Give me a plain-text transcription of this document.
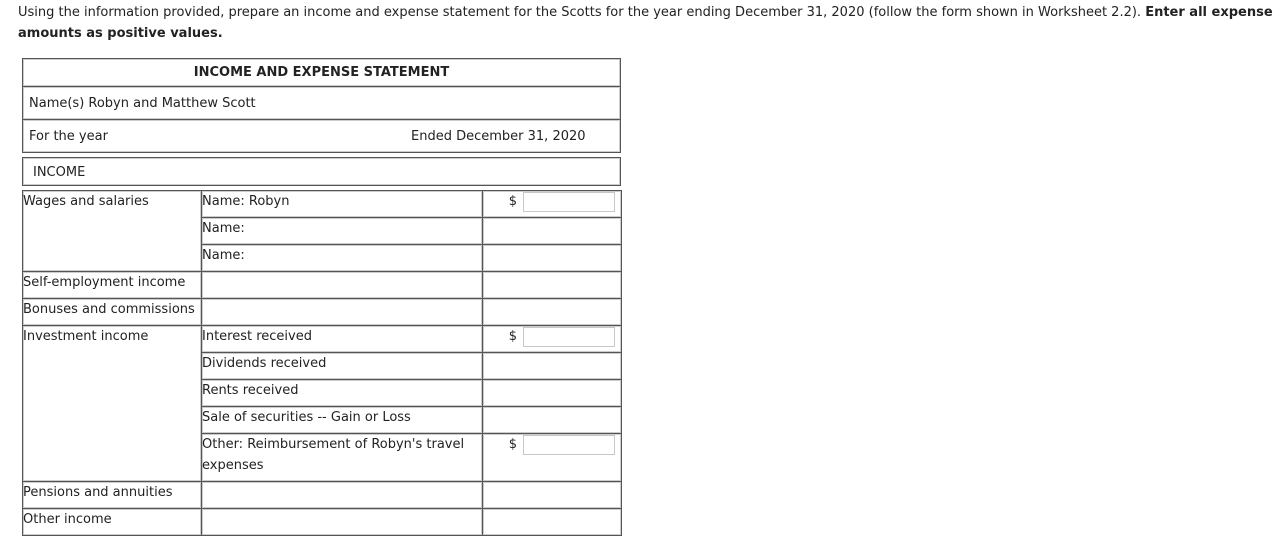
Using the information provided, prepare an income and expense statement for the Scotts for the year ending December 31, 2020 (follow the form shown in Worksheet 2.2). Enter all expense amounts as positive values.
INCOME AND EXPENSE STATEMENT
Name(s) Robyn and Matthew Scott
For the year	Ended December 31, 2020
INCOME
Wages and salaries	Name: Robyn	$
	Name:	
	Name:	
Self-employment income		
Bonuses and commissions		
Investment income	Interest received	$
	Dividends received	
	Rents received	
	Sale of securities -- Gain or Loss	
	Other: Reimbursement of Robyn's travel expenses	$
Pensions and annuities		
Other income		
